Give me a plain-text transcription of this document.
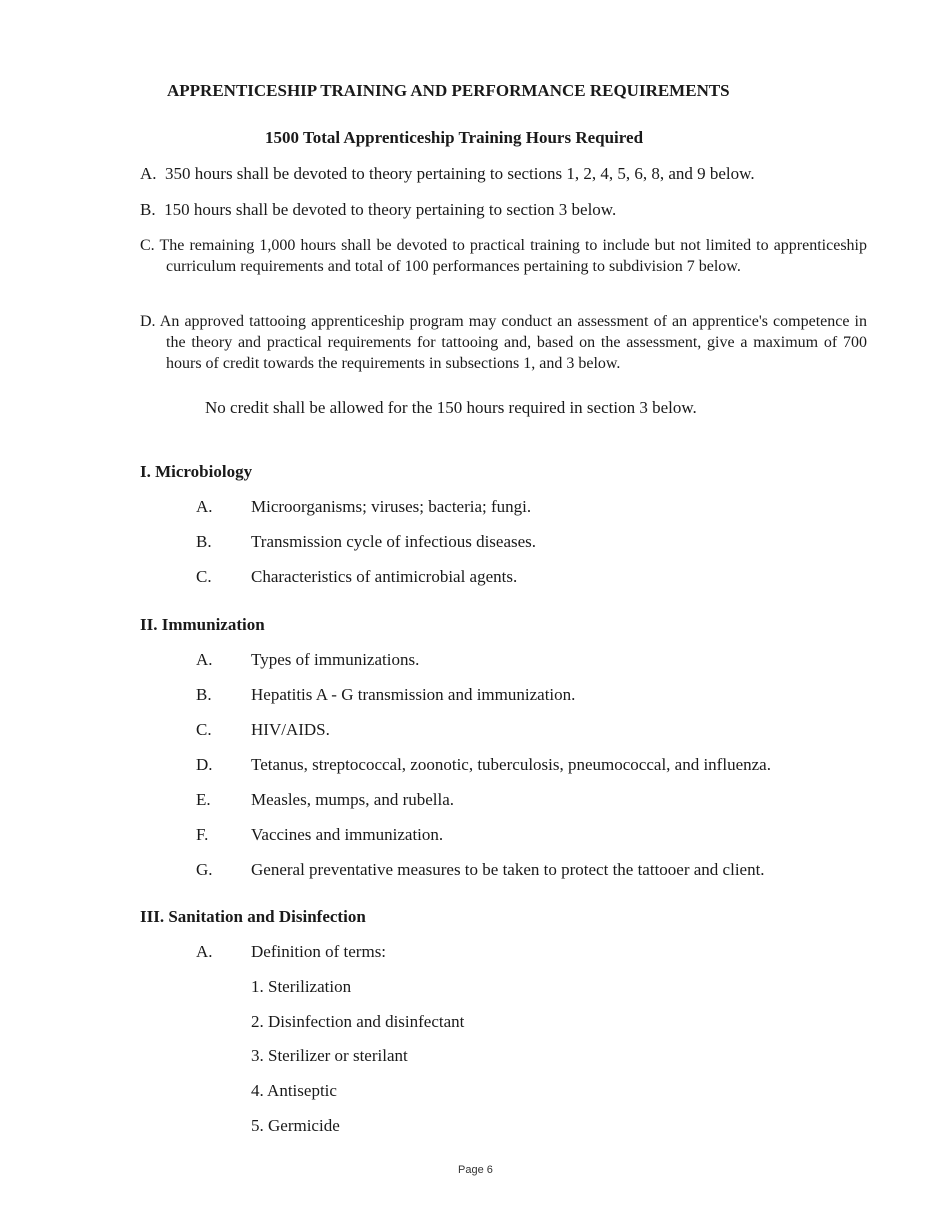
APPRENTICESHIP TRAINING AND PERFORMANCE REQUIREMENTS
1500 Total Apprenticeship Training Hours Required
A. 350 hours shall be devoted to theory pertaining to sections 1, 2, 4, 5, 6, 8, and 9 below.
B. 150 hours shall be devoted to theory pertaining to section 3 below.
C. The remaining 1,000 hours shall be devoted to practical training to include but not limited to apprenticeship curriculum requirements and total of 100 performances pertaining to subdivision 7 below.
D. An approved tattooing apprenticeship program may conduct an assessment of an apprentice's competence in the theory and practical requirements for tattooing and, based on the assessment, give a maximum of 700 hours of credit towards the requirements in subsections 1, and 3 below.
No credit shall be allowed for the 150 hours required in section 3 below.
I. Microbiology
A. Microorganisms; viruses; bacteria; fungi.
B. Transmission cycle of infectious diseases.
C. Characteristics of antimicrobial agents.
II. Immunization
A. Types of immunizations.
B. Hepatitis A - G transmission and immunization.
C. HIV/AIDS.
D. Tetanus, streptococcal, zoonotic, tuberculosis, pneumococcal, and influenza.
E. Measles, mumps, and rubella.
F.	Vaccines and immunization.
G. General preventative measures to be taken to protect the tattooer and client.
III. Sanitation and Disinfection
A. Definition of terms:
1. Sterilization
2. Disinfection and disinfectant
3. Sterilizer or sterilant
4. Antiseptic
5. Germicide
Page 6
